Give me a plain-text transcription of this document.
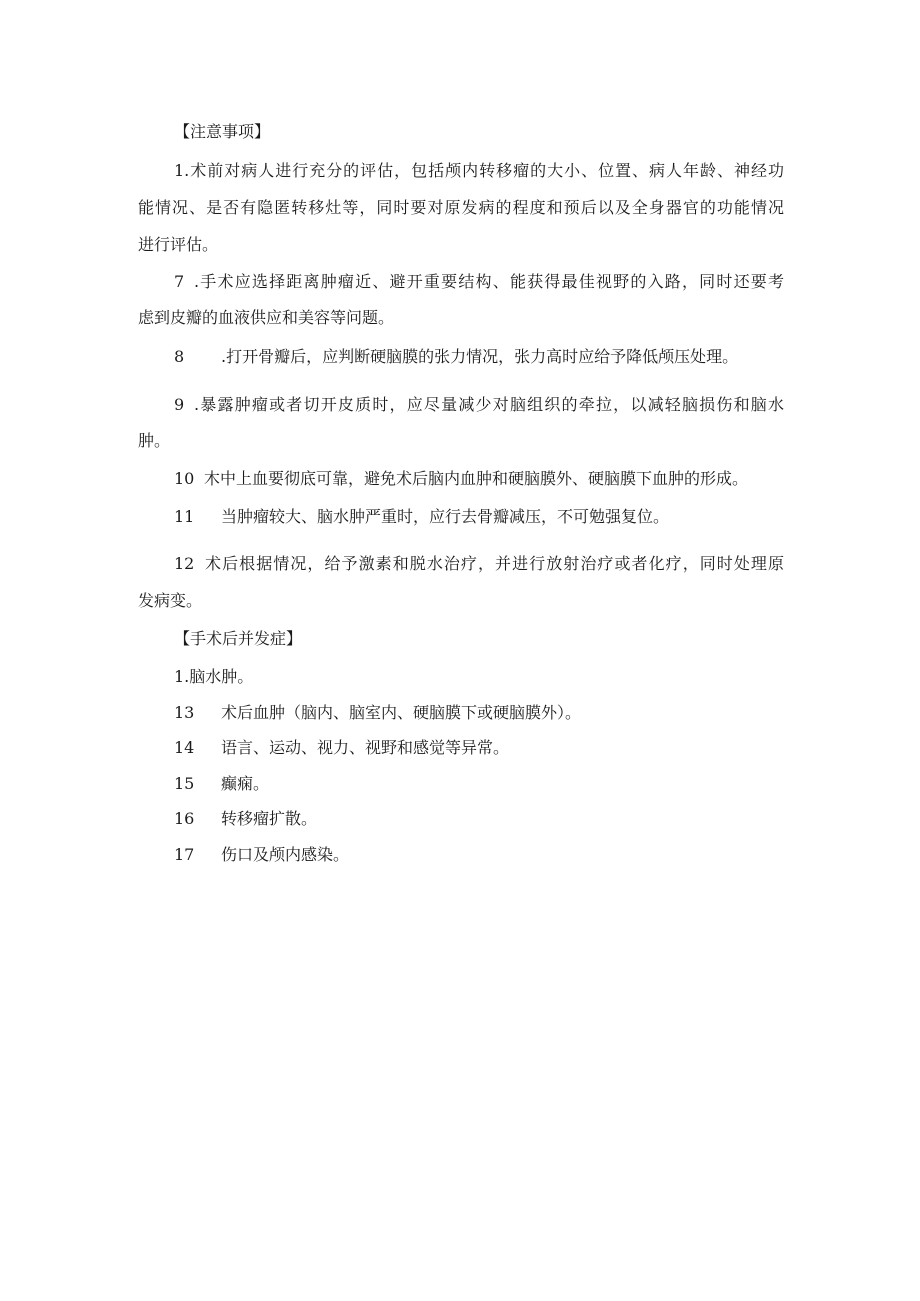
【注意事项】
1.术前对病人进行充分的评估，包括颅内转移瘤的大小、位置、病人年龄、神经功
能情况、是否有隐匿转移灶等，同时要对原发病的程度和预后以及全身器官的功能情况
进行评估。
7 .手术应选择距离肿瘤近、避开重要结构、能获得最佳视野的入路，同时还要考
虑到皮瓣的血液供应和美容等问题。
8 .打开骨瓣后，应判断硬脑膜的张力情况，张力高时应给予降低颅压处理。
9 .暴露肿瘤或者切开皮质时，应尽量减少对脑组织的牵拉，以减轻脑损伤和脑水
肿。
10 木中上血要彻底可靠，避免术后脑内血肿和硬脑膜外、硬脑膜下血肿的形成。
11 当肿瘤较大、脑水肿严重时，应行去骨瓣减压，不可勉强复位。
12 术后根据情况，给予激素和脱水治疗，并进行放射治疗或者化疗，同时处理原
发病变。
【手术后并发症】
1.脑水肿。
13 术后血肿（脑内、脑室内、硬脑膜下或硬脑膜外）。
14 语言、运动、视力、视野和感觉等异常。
15 癫痫。
16 转移瘤扩散。
17 伤口及颅内感染。
